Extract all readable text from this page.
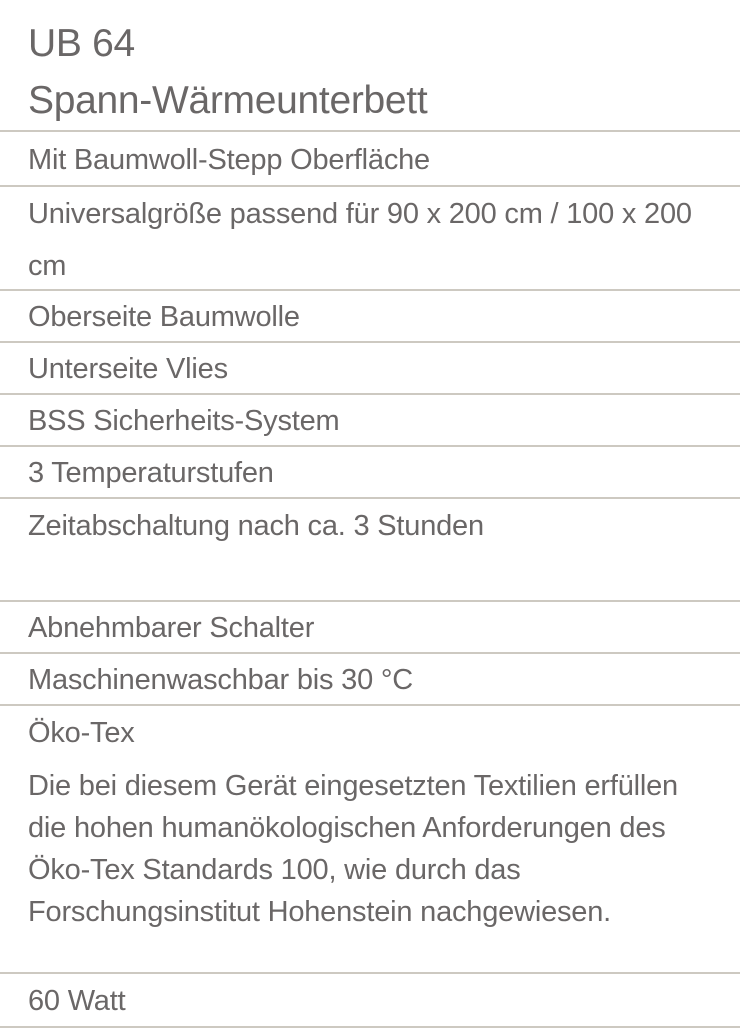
UB 64
Spann-Wärmeunterbett
Mit Baumwoll-Stepp Oberfläche
Universalgröße passend für 90 x 200 cm / 100 x 200 cm
Oberseite Baumwolle
Unterseite Vlies
BSS Sicherheits-System
3 Temperaturstufen
Zeitabschaltung nach ca. 3 Stunden
Abnehmbarer Schalter
Maschinenwaschbar bis 30 °C
Öko-Tex
Die bei diesem Gerät eingesetzten Textilien erfüllen die hohen humanökologischen Anforderungen des Öko-Tex Standards 100, wie durch das Forschungsinstitut Hohenstein nachgewiesen.
60 Watt
